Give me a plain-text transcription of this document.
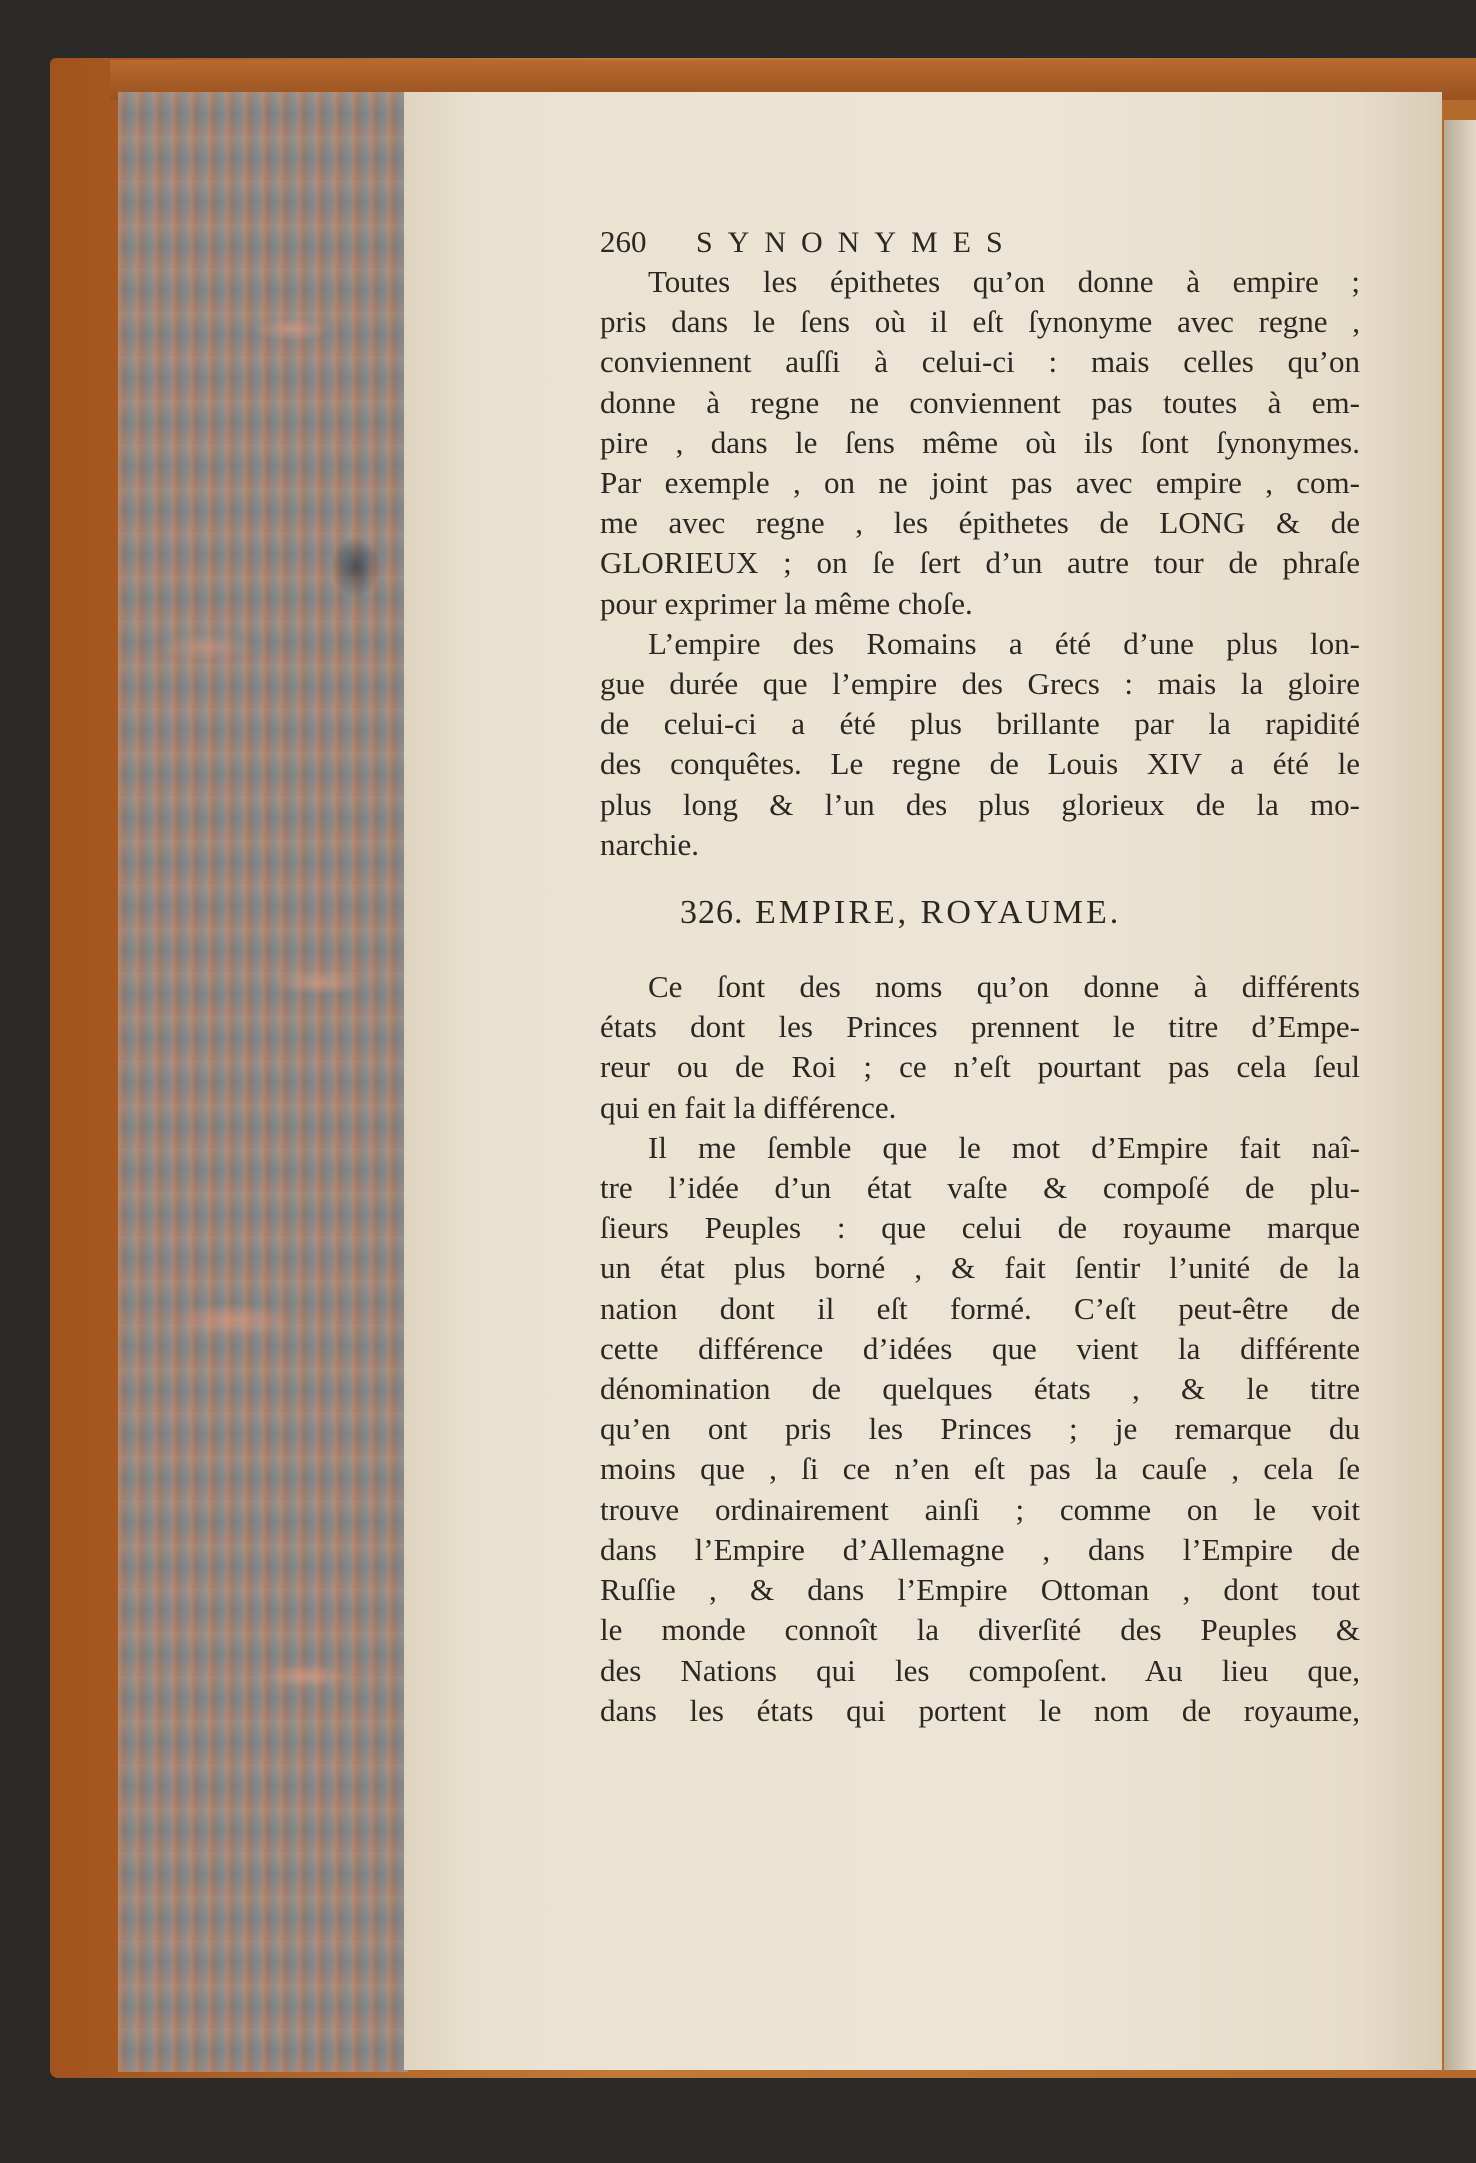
260	SYNONYMES
Toutes les épithetes qu’on donne à empire ;
pris dans le ſens où il eſt ſynonyme avec regne ,
conviennent auſſi à celui-ci : mais celles qu’on
donne à regne ne conviennent pas toutes à em-
pire , dans le ſens même où ils ſont ſynonymes.
Par exemple , on ne joint pas avec empire , com-
me avec regne , les épithetes de LONG & de
GLORIEUX ; on ſe ſert d’un autre tour de phraſe
pour exprimer la même choſe.
L’empire des Romains a été d’une plus lon-
gue durée que l’empire des Grecs : mais la gloire
de celui-ci a été plus brillante par la rapidité
des conquêtes. Le regne de Louis XIV a été le
plus long & l’un des plus glorieux de la mo-
narchie.
326. EMPIRE, ROYAUME.
Ce ſont des noms qu’on donne à différents
états dont les Princes prennent le titre d’Empe-
reur ou de Roi ; ce n’eſt pourtant pas cela ſeul
qui en fait la différence.
Il me ſemble que le mot d’Empire fait naî-
tre l’idée d’un état vaſte & compoſé de plu-
ſieurs Peuples : que celui de royaume marque
un état plus borné , & fait ſentir l’unité de la
nation dont il eſt formé. C’eſt peut-être de
cette différence d’idées que vient la différente
dénomination de quelques états , & le titre
qu’en ont pris les Princes ; je remarque du
moins que , ſi ce n’en eſt pas la cauſe , cela ſe
trouve ordinairement ainſi ; comme on le voit
dans l’Empire d’Allemagne , dans l’Empire de
Ruſſie , & dans l’Empire Ottoman , dont tout
le monde connoît la diverſité des Peuples &
des Nations qui les compoſent. Au lieu que,
dans les états qui portent le nom de royaume,
